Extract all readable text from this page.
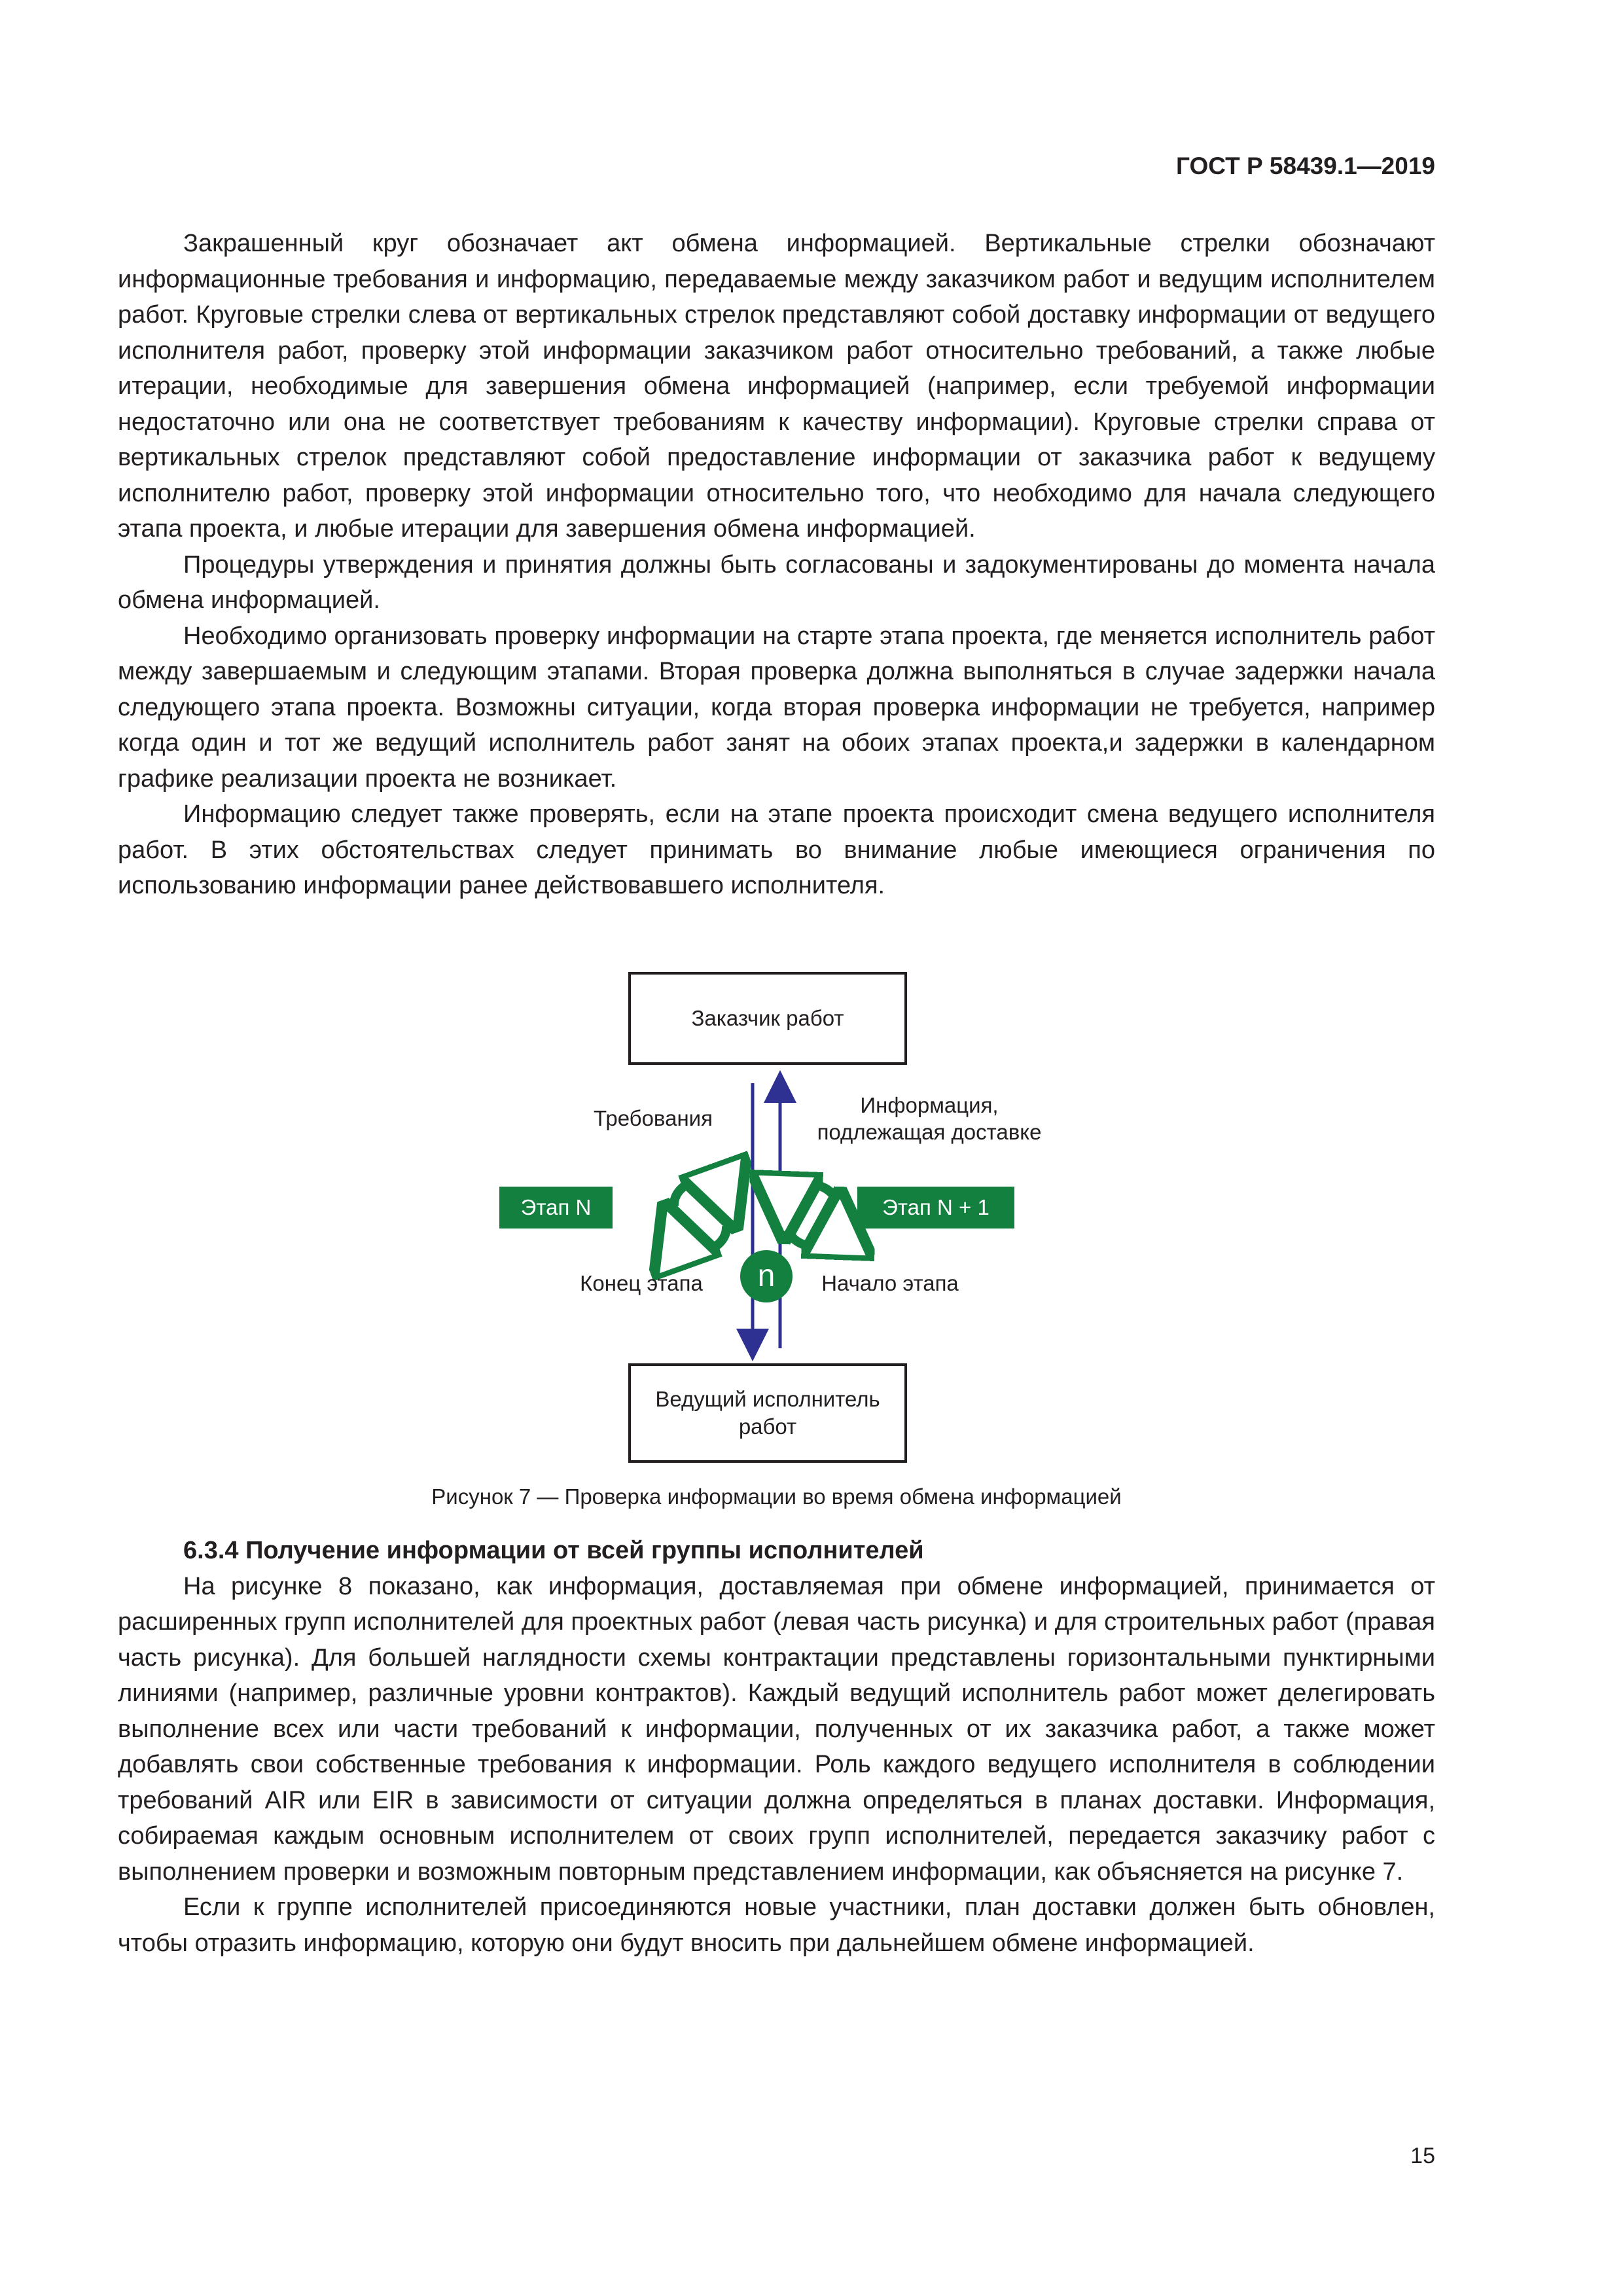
ГОСТ Р 58439.1—2019

Закрашенный круг обозначает акт обмена информацией. Вертикальные стрелки обозначают информационные требования и информацию, передаваемые между заказчиком работ и ведущим исполнителем работ. Круговые стрелки слева от вертикальных стрелок представляют собой доставку информации от ведущего исполнителя работ, проверку этой информации заказчиком работ относительно требований, а также любые итерации, необходимые для завершения обмена информацией (например, если требуемой информации недостаточно или она не соответствует требованиям к качеству информации). Круговые стрелки справа от вертикальных стрелок представляют собой предоставление информации от заказчика работ к ведущему исполнителю работ, проверку этой информации относительно того, что необходимо для начала следующего этапа проекта, и любые итерации для завершения обмена информацией.

Процедуры утверждения и принятия должны быть согласованы и задокументированы до момента начала обмена информацией.

Необходимо организовать проверку информации на старте этапа проекта, где меняется исполнитель работ между завершаемым и следующим этапами. Вторая проверка должна выполняться в случае задержки начала следующего этапа проекта. Возможны ситуации, когда вторая проверка информации не требуется, например когда один и тот же ведущий исполнитель работ занят на обоих этапах проекта,и задержки в календарном графике реализации проекта не возникает.

Информацию следует также проверять, если на этапе проекта происходит смена ведущего исполнителя работ. В этих обстоятельствах следует принимать во внимание любые имеющиеся ограничения по использованию информации ранее действовавшего исполнителя.

n
Заказчик работ
Ведущий исполнитель
работ
Требования
Информация,
подлежащая доставке
Этап N	Этап N + 1
Конец этапа	Начало этапа
Рисунок 7 — Проверка информации во время обмена информацией

6.3.4 Получение информации от всей группы исполнителей

На рисунке 8 показано, как информация, доставляемая при обмене информацией, принимается от расширенных групп исполнителей для проектных работ (левая часть рисунка) и для строительных работ (правая часть рисунка). Для большей наглядности схемы контрактации представлены горизонтальными пунктирными линиями (например, различные уровни контрактов). Каждый ведущий исполнитель работ может делегировать выполнение всех или части требований к информации, полученных от их заказчика работ, а также может добавлять свои собственные требования к информации. Роль каждого ведущего исполнителя в соблюдении требований AIR или EIR в зависимости от ситуации должна определяться в планах доставки. Информация, собираемая каждым основным исполнителем от своих групп исполнителей, передается заказчику работ с выполнением проверки и возможным повторным представлением информации, как объясняется на рисунке 7.

Если к группе исполнителей присоединяются новые участники, план доставки должен быть обновлен, чтобы отразить информацию, которую они будут вносить при дальнейшем обмене информацией.

15
